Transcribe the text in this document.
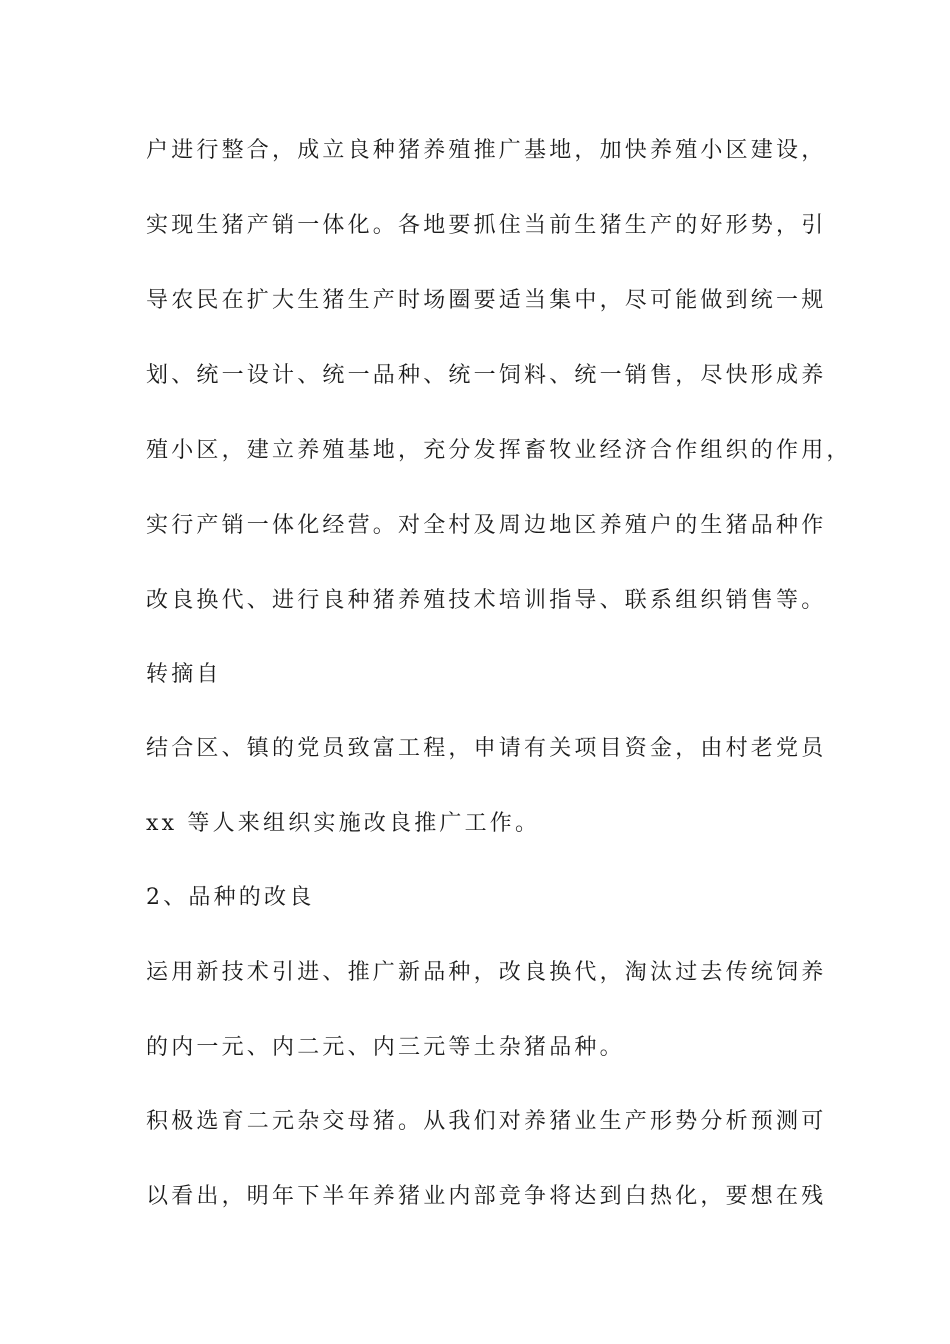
户进行整合，成立良种猪养殖推广基地，加快养殖小区建设，
实现生猪产销一体化。各地要抓住当前生猪生产的好形势，引
导农民在扩大生猪生产时场圈要适当集中，尽可能做到统一规
划、统一设计、统一品种、统一饲料、统一销售，尽快形成养
殖小区，建立养殖基地，充分发挥畜牧业经济合作组织的作用，
实行产销一体化经营。对全村及周边地区养殖户的生猪品种作
改良换代、进行良种猪养殖技术培训指导、联系组织销售等。
转摘自
结合区、镇的党员致富工程，申请有关项目资金，由村老党员
xx 等人来组织实施改良推广工作。
2、品种的改良
运用新技术引进、推广新品种，改良换代，淘汰过去传统饲养
的内一元、内二元、内三元等土杂猪品种。
积极选育二元杂交母猪。从我们对养猪业生产形势分析预测可
以看出，明年下半年养猪业内部竞争将达到白热化，要想在残
